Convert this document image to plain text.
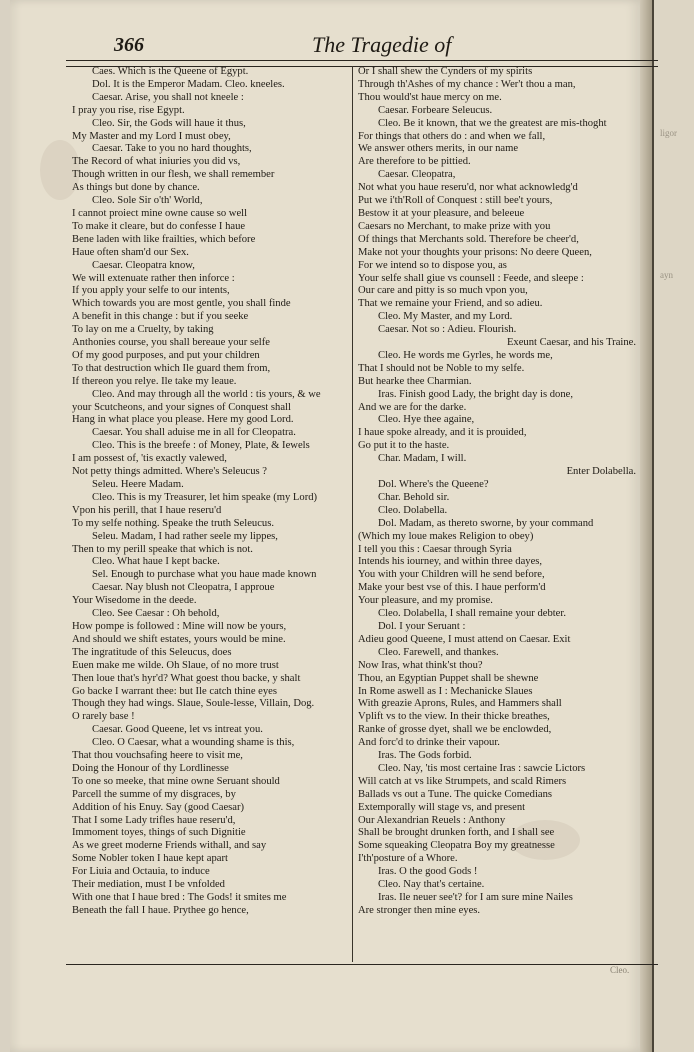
ligor
ayn
366	The Tragedie of
Caes. Which is the Queene of Egypt.
Dol. It is the Emperor Madam. Cleo. kneeles.
Caesar. Arise, you shall not kneele :
I pray you rise, rise Egypt.
Cleo. Sir, the Gods will haue it thus,
My Master and my Lord I must obey,
Caesar. Take to you no hard thoughts,
The Record of what iniuries you did vs,
Though written in our flesh, we shall remember
As things but done by chance.
Cleo. Sole Sir o'th' World,
I cannot proiect mine owne cause so well
To make it cleare, but do confesse I haue
Bene laden with like frailties, which before
Haue often sham'd our Sex.
Caesar. Cleopatra know,
We will extenuate rather then inforce :
If you apply your selfe to our intents,
Which towards you are most gentle, you shall finde
A benefit in this change : but if you seeke
To lay on me a Cruelty, by taking
Anthonies course, you shall bereaue your selfe
Of my good purposes, and put your children
To that destruction which Ile guard them from,
If thereon you relye. Ile take my leaue.
Cleo. And may through all the world : tis yours, & we
your Scutcheons, and your signes of Conquest shall
Hang in what place you please. Here my good Lord.
Caesar. You shall aduise me in all for Cleopatra.
Cleo. This is the breefe : of Money, Plate, & Iewels
I am possest of, 'tis exactly valewed,
Not petty things admitted. Where's Seleucus ?
Seleu. Heere Madam.
Cleo. This is my Treasurer, let him speake (my Lord)
Vpon his perill, that I haue reseru'd
To my selfe nothing. Speake the truth Seleucus.
Seleu. Madam, I had rather seele my lippes,
Then to my perill speake that which is not.
Cleo. What haue I kept backe.
Sel. Enough to purchase what you haue made known
Caesar. Nay blush not Cleopatra, I approue
Your Wisedome in the deede.
Cleo. See Caesar : Oh behold,
How pompe is followed : Mine will now be yours,
And should we shift estates, yours would be mine.
The ingratitude of this Seleucus, does
Euen make me wilde. Oh Slaue, of no more trust
Then loue that's hyr'd? What goest thou backe, y shalt
Go backe I warrant thee: but Ile catch thine eyes
Though they had wings. Slaue, Soule-lesse, Villain, Dog.
O rarely base !
Caesar. Good Queene, let vs intreat you.
Cleo. O Caesar, what a wounding shame is this,
That thou vouchsafing heere to visit me,
Doing the Honour of thy Lordlinesse
To one so meeke, that mine owne Seruant should
Parcell the summe of my disgraces, by
Addition of his Enuy. Say (good Caesar)
That I some Lady trifles haue reseru'd,
Immoment toyes, things of such Dignitie
As we greet moderne Friends withall, and say
Some Nobler token I haue kept apart
For Liuia and Octauia, to induce
Their mediation, must I be vnfolded
With one that I haue bred : The Gods! it smites me
Beneath the fall I haue. Prythee go hence,
Or I shall shew the Cynders of my spirits
Through th'Ashes of my chance : Wer't thou a man,
Thou would'st haue mercy on me.
Caesar. Forbeare Seleucus.
Cleo. Be it known, that we the greatest are mis-thoght
For things that others do : and when we fall,
We answer others merits, in our name
Are therefore to be pittied.
Caesar. Cleopatra,
Not what you haue reseru'd, nor what acknowledg'd
Put we i'th'Roll of Conquest : still bee't yours,
Bestow it at your pleasure, and beleeue
Caesars no Merchant, to make prize with you
Of things that Merchants sold. Therefore be cheer'd,
Make not your thoughts your prisons: No deere Queen,
For we intend so to dispose you, as
Your selfe shall giue vs counsell : Feede, and sleepe :
Our care and pitty is so much vpon you,
That we remaine your Friend, and so adieu.
Cleo. My Master, and my Lord.
Caesar. Not so : Adieu. Flourish.
Exeunt Caesar, and his Traine.
Cleo. He words me Gyrles, he words me,
That I should not be Noble to my selfe.
But hearke thee Charmian.
Iras. Finish good Lady, the bright day is done,
And we are for the darke.
Cleo. Hye thee againe,
I haue spoke already, and it is prouided,
Go put it to the haste.
Char. Madam, I will.
Enter Dolabella.
Dol. Where's the Queene?
Char. Behold sir.
Cleo. Dolabella.
Dol. Madam, as thereto sworne, by your command
(Which my loue makes Religion to obey)
I tell you this : Caesar through Syria
Intends his iourney, and within three dayes,
You with your Children will he send before,
Make your best vse of this. I haue perform'd
Your pleasure, and my promise.
Cleo. Dolabella, I shall remaine your debter.
Dol. I your Seruant :
Adieu good Queene, I must attend on Caesar. Exit
Cleo. Farewell, and thankes.
Now Iras, what think'st thou?
Thou, an Egyptian Puppet shall be shewne
In Rome aswell as I : Mechanicke Slaues
With greazie Aprons, Rules, and Hammers shall
Vplift vs to the view. In their thicke breathes,
Ranke of grosse dyet, shall we be enclowded,
And forc'd to drinke their vapour.
Iras. The Gods forbid.
Cleo. Nay, 'tis most certaine Iras : sawcie Lictors
Will catch at vs like Strumpets, and scald Rimers
Ballads vs out a Tune. The quicke Comedians
Extemporally will stage vs, and present
Our Alexandrian Reuels : Anthony
Shall be brought drunken forth, and I shall see
Some squeaking Cleopatra Boy my greatnesse
I'th'posture of a Whore.
Iras. O the good Gods !
Cleo. Nay that's certaine.
Iras. Ile neuer see't? for I am sure mine Nailes
Are stronger then mine eyes.
Cleo.
